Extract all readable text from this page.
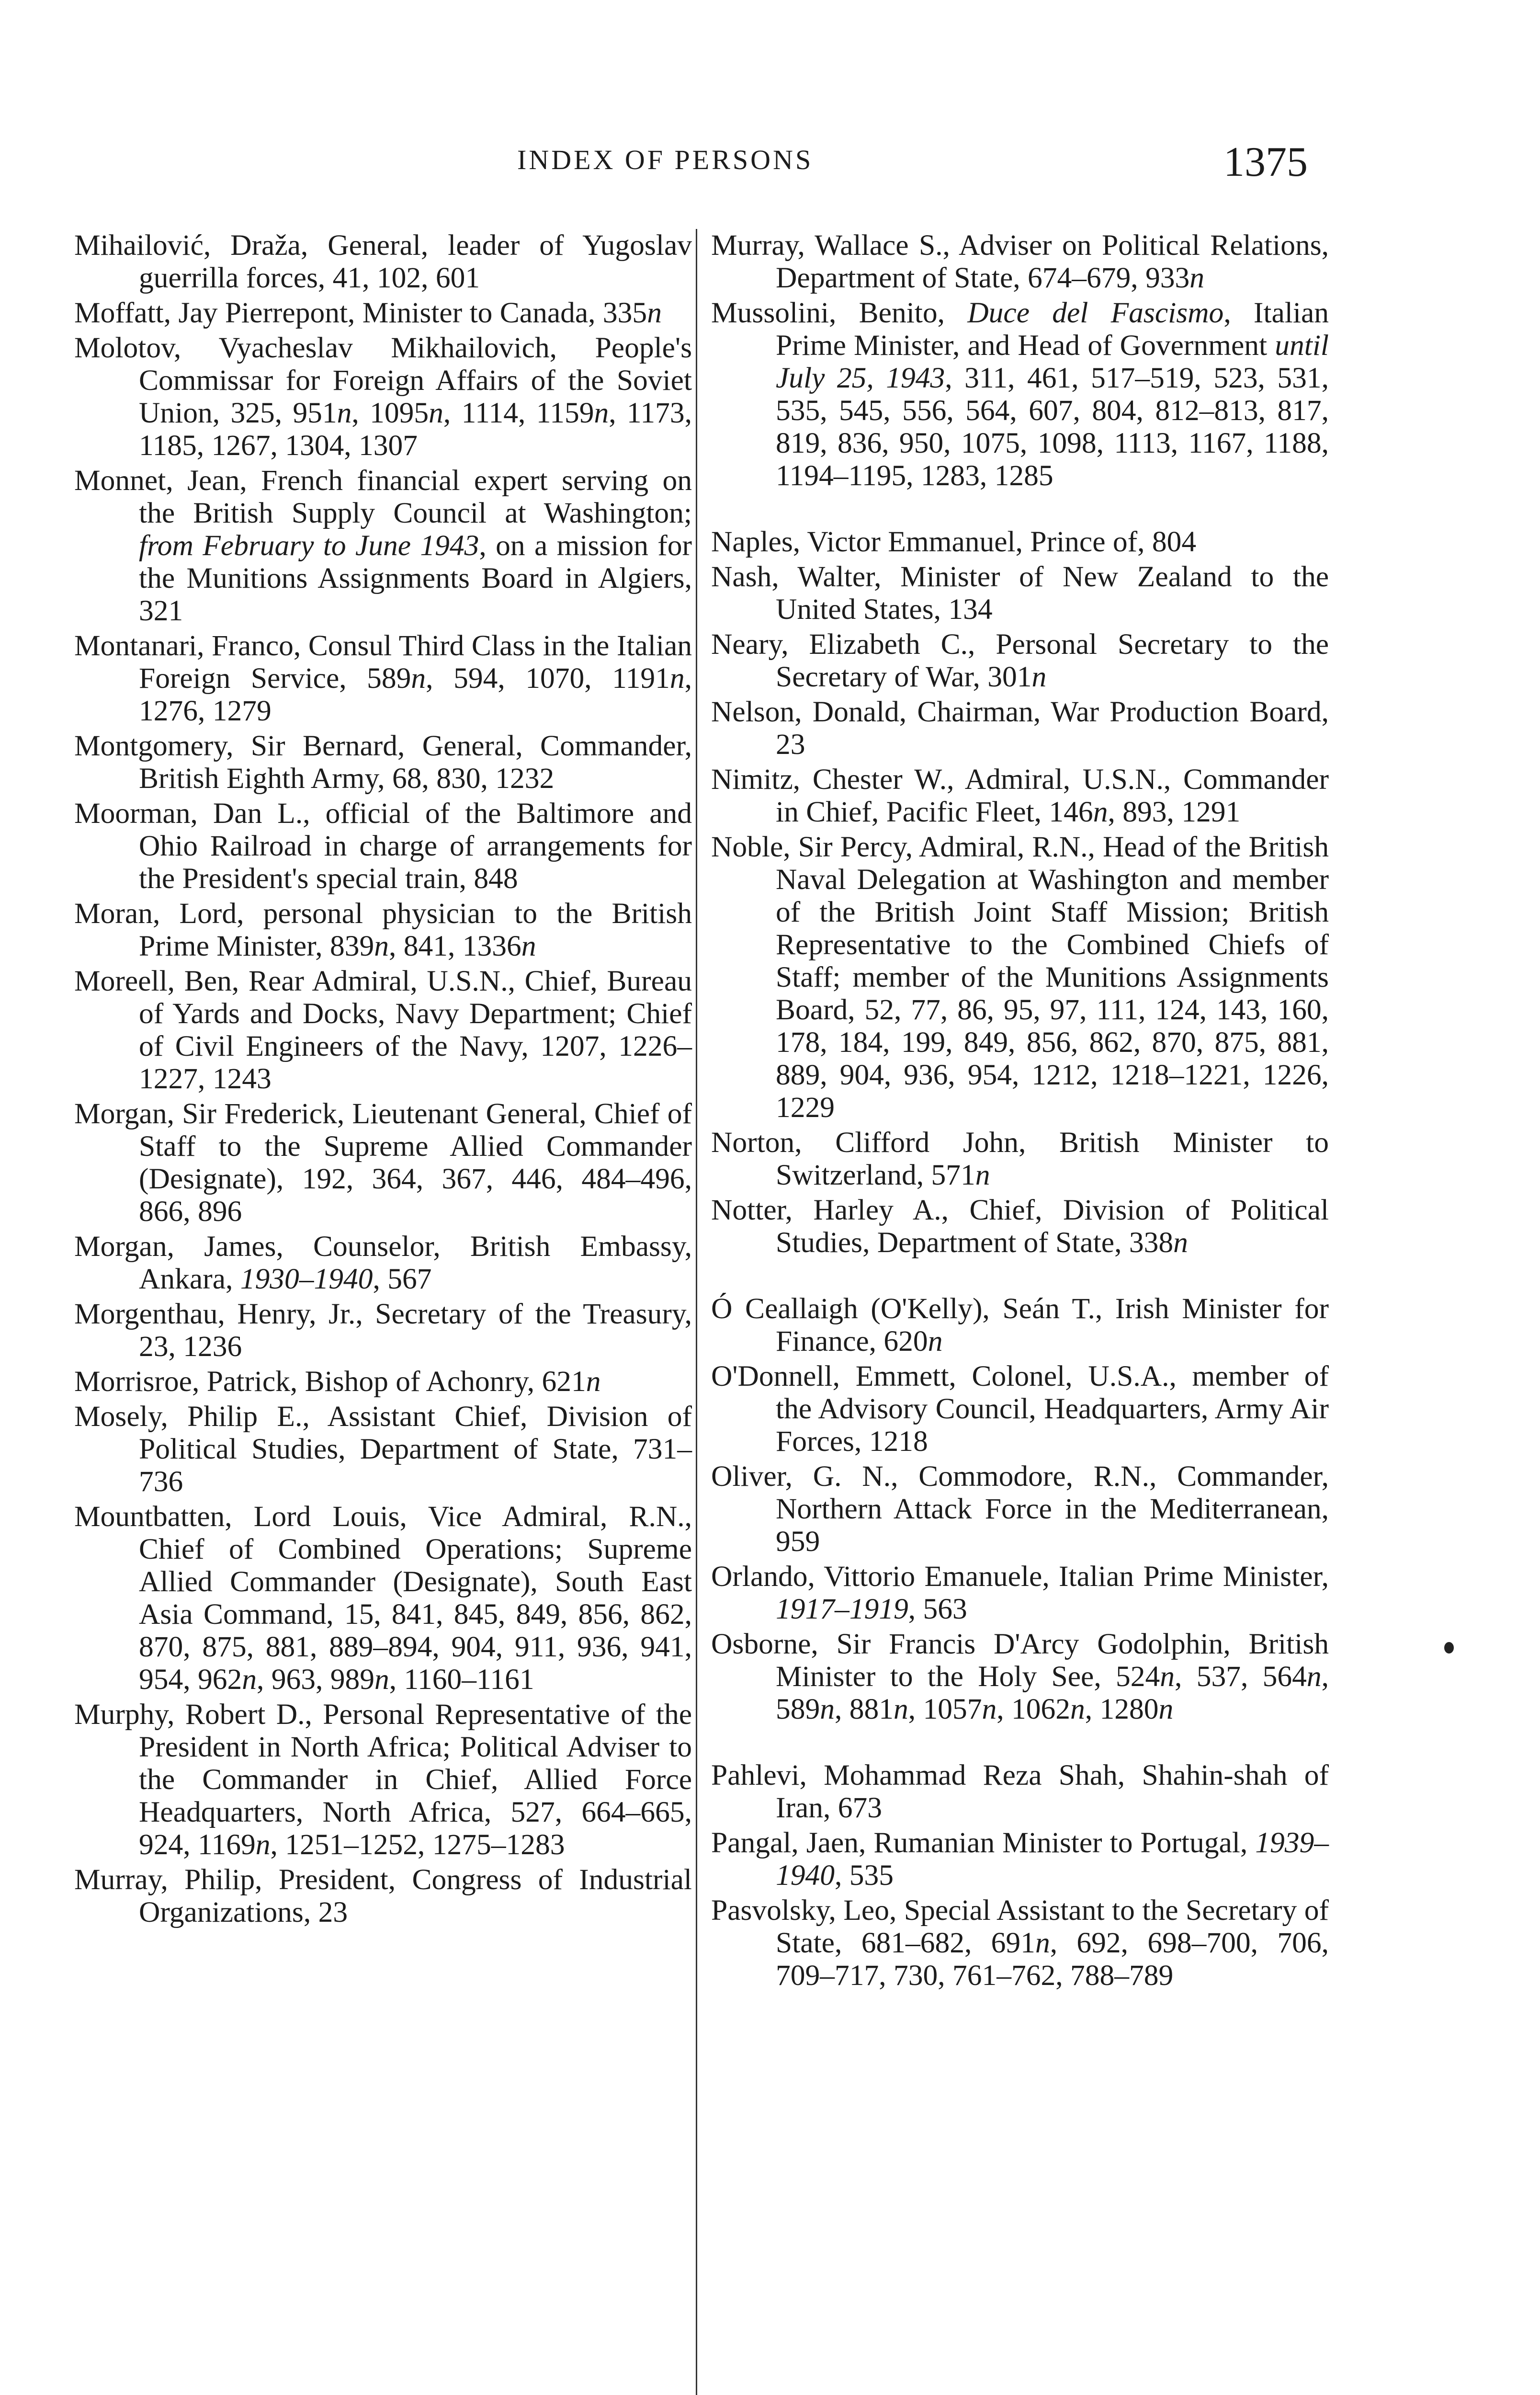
INDEX OF PERSONS	1375

Mihailović, Draža, General, leader of Yugoslav guerrilla forces, 41, 102, 601

Moffatt, Jay Pierrepont, Minister to Canada, 335n

Molotov, Vyacheslav Mikhailovich, People's Commissar for Foreign Affairs of the Soviet Union, 325, 951n, 1095n, 1114, 1159n, 1173, 1185, 1267, 1304, 1307

Monnet, Jean, French financial expert serving on the British Supply Council at Washington; from February to June 1943, on a mission for the Munitions Assignments Board in Algiers, 321

Montanari, Franco, Consul Third Class in the Italian Foreign Service, 589n, 594, 1070, 1191n, 1276, 1279

Montgomery, Sir Bernard, General, Commander, British Eighth Army, 68, 830, 1232

Moorman, Dan L., official of the Baltimore and Ohio Railroad in charge of arrangements for the President's special train, 848

Moran, Lord, personal physician to the British Prime Minister, 839n, 841, 1336n

Moreell, Ben, Rear Admiral, U.S.N., Chief, Bureau of Yards and Docks, Navy Department; Chief of Civil Engineers of the Navy, 1207, 1226–1227, 1243

Morgan, Sir Frederick, Lieutenant General, Chief of Staff to the Supreme Allied Commander (Designate), 192, 364, 367, 446, 484–496, 866, 896

Morgan, James, Counselor, British Embassy, Ankara, 1930–1940, 567

Morgenthau, Henry, Jr., Secretary of the Treasury, 23, 1236

Morrisroe, Patrick, Bishop of Achonry, 621n

Mosely, Philip E., Assistant Chief, Division of Political Studies, Department of State, 731–736

Mountbatten, Lord Louis, Vice Admiral, R.N., Chief of Combined Operations; Supreme Allied Commander (Designate), South East Asia Command, 15, 841, 845, 849, 856, 862, 870, 875, 881, 889–894, 904, 911, 936, 941, 954, 962n, 963, 989n, 1160–1161

Murphy, Robert D., Personal Representative of the President in North Africa; Political Adviser to the Commander in Chief, Allied Force Headquarters, North Africa, 527, 664–665, 924, 1169n, 1251–1252, 1275–1283

Murray, Philip, President, Congress of Industrial Organizations, 23

Murray, Wallace S., Adviser on Political Relations, Department of State, 674–679, 933n

Mussolini, Benito, Duce del Fascismo, Italian Prime Minister, and Head of Government until July 25, 1943, 311, 461, 517–519, 523, 531, 535, 545, 556, 564, 607, 804, 812–813, 817, 819, 836, 950, 1075, 1098, 1113, 1167, 1188, 1194–1195, 1283, 1285

Naples, Victor Emmanuel, Prince of, 804

Nash, Walter, Minister of New Zealand to the United States, 134

Neary, Elizabeth C., Personal Secretary to the Secretary of War, 301n

Nelson, Donald, Chairman, War Production Board, 23

Nimitz, Chester W., Admiral, U.S.N., Commander in Chief, Pacific Fleet, 146n, 893, 1291

Noble, Sir Percy, Admiral, R.N., Head of the British Naval Delegation at Washington and member of the British Joint Staff Mission; British Representative to the Combined Chiefs of Staff; member of the Munitions Assignments Board, 52, 77, 86, 95, 97, 111, 124, 143, 160, 178, 184, 199, 849, 856, 862, 870, 875, 881, 889, 904, 936, 954, 1212, 1218–1221, 1226, 1229

Norton, Clifford John, British Minister to Switzerland, 571n

Notter, Harley A., Chief, Division of Political Studies, Department of State, 338n

Ó Ceallaigh (O'Kelly), Seán T., Irish Minister for Finance, 620n

O'Donnell, Emmett, Colonel, U.S.A., member of the Advisory Council, Headquarters, Army Air Forces, 1218

Oliver, G. N., Commodore, R.N., Commander, Northern Attack Force in the Mediterranean, 959

Orlando, Vittorio Emanuele, Italian Prime Minister, 1917–1919, 563

Osborne, Sir Francis D'Arcy Godolphin, British Minister to the Holy See, 524n, 537, 564n, 589n, 881n, 1057n, 1062n, 1280n

Pahlevi, Mohammad Reza Shah, Shahin-shah of Iran, 673

Pangal, Jaen, Rumanian Minister to Portugal, 1939–1940, 535

Pasvolsky, Leo, Special Assistant to the Secretary of State, 681–682, 691n, 692, 698–700, 706, 709–717, 730, 761–762, 788–789
